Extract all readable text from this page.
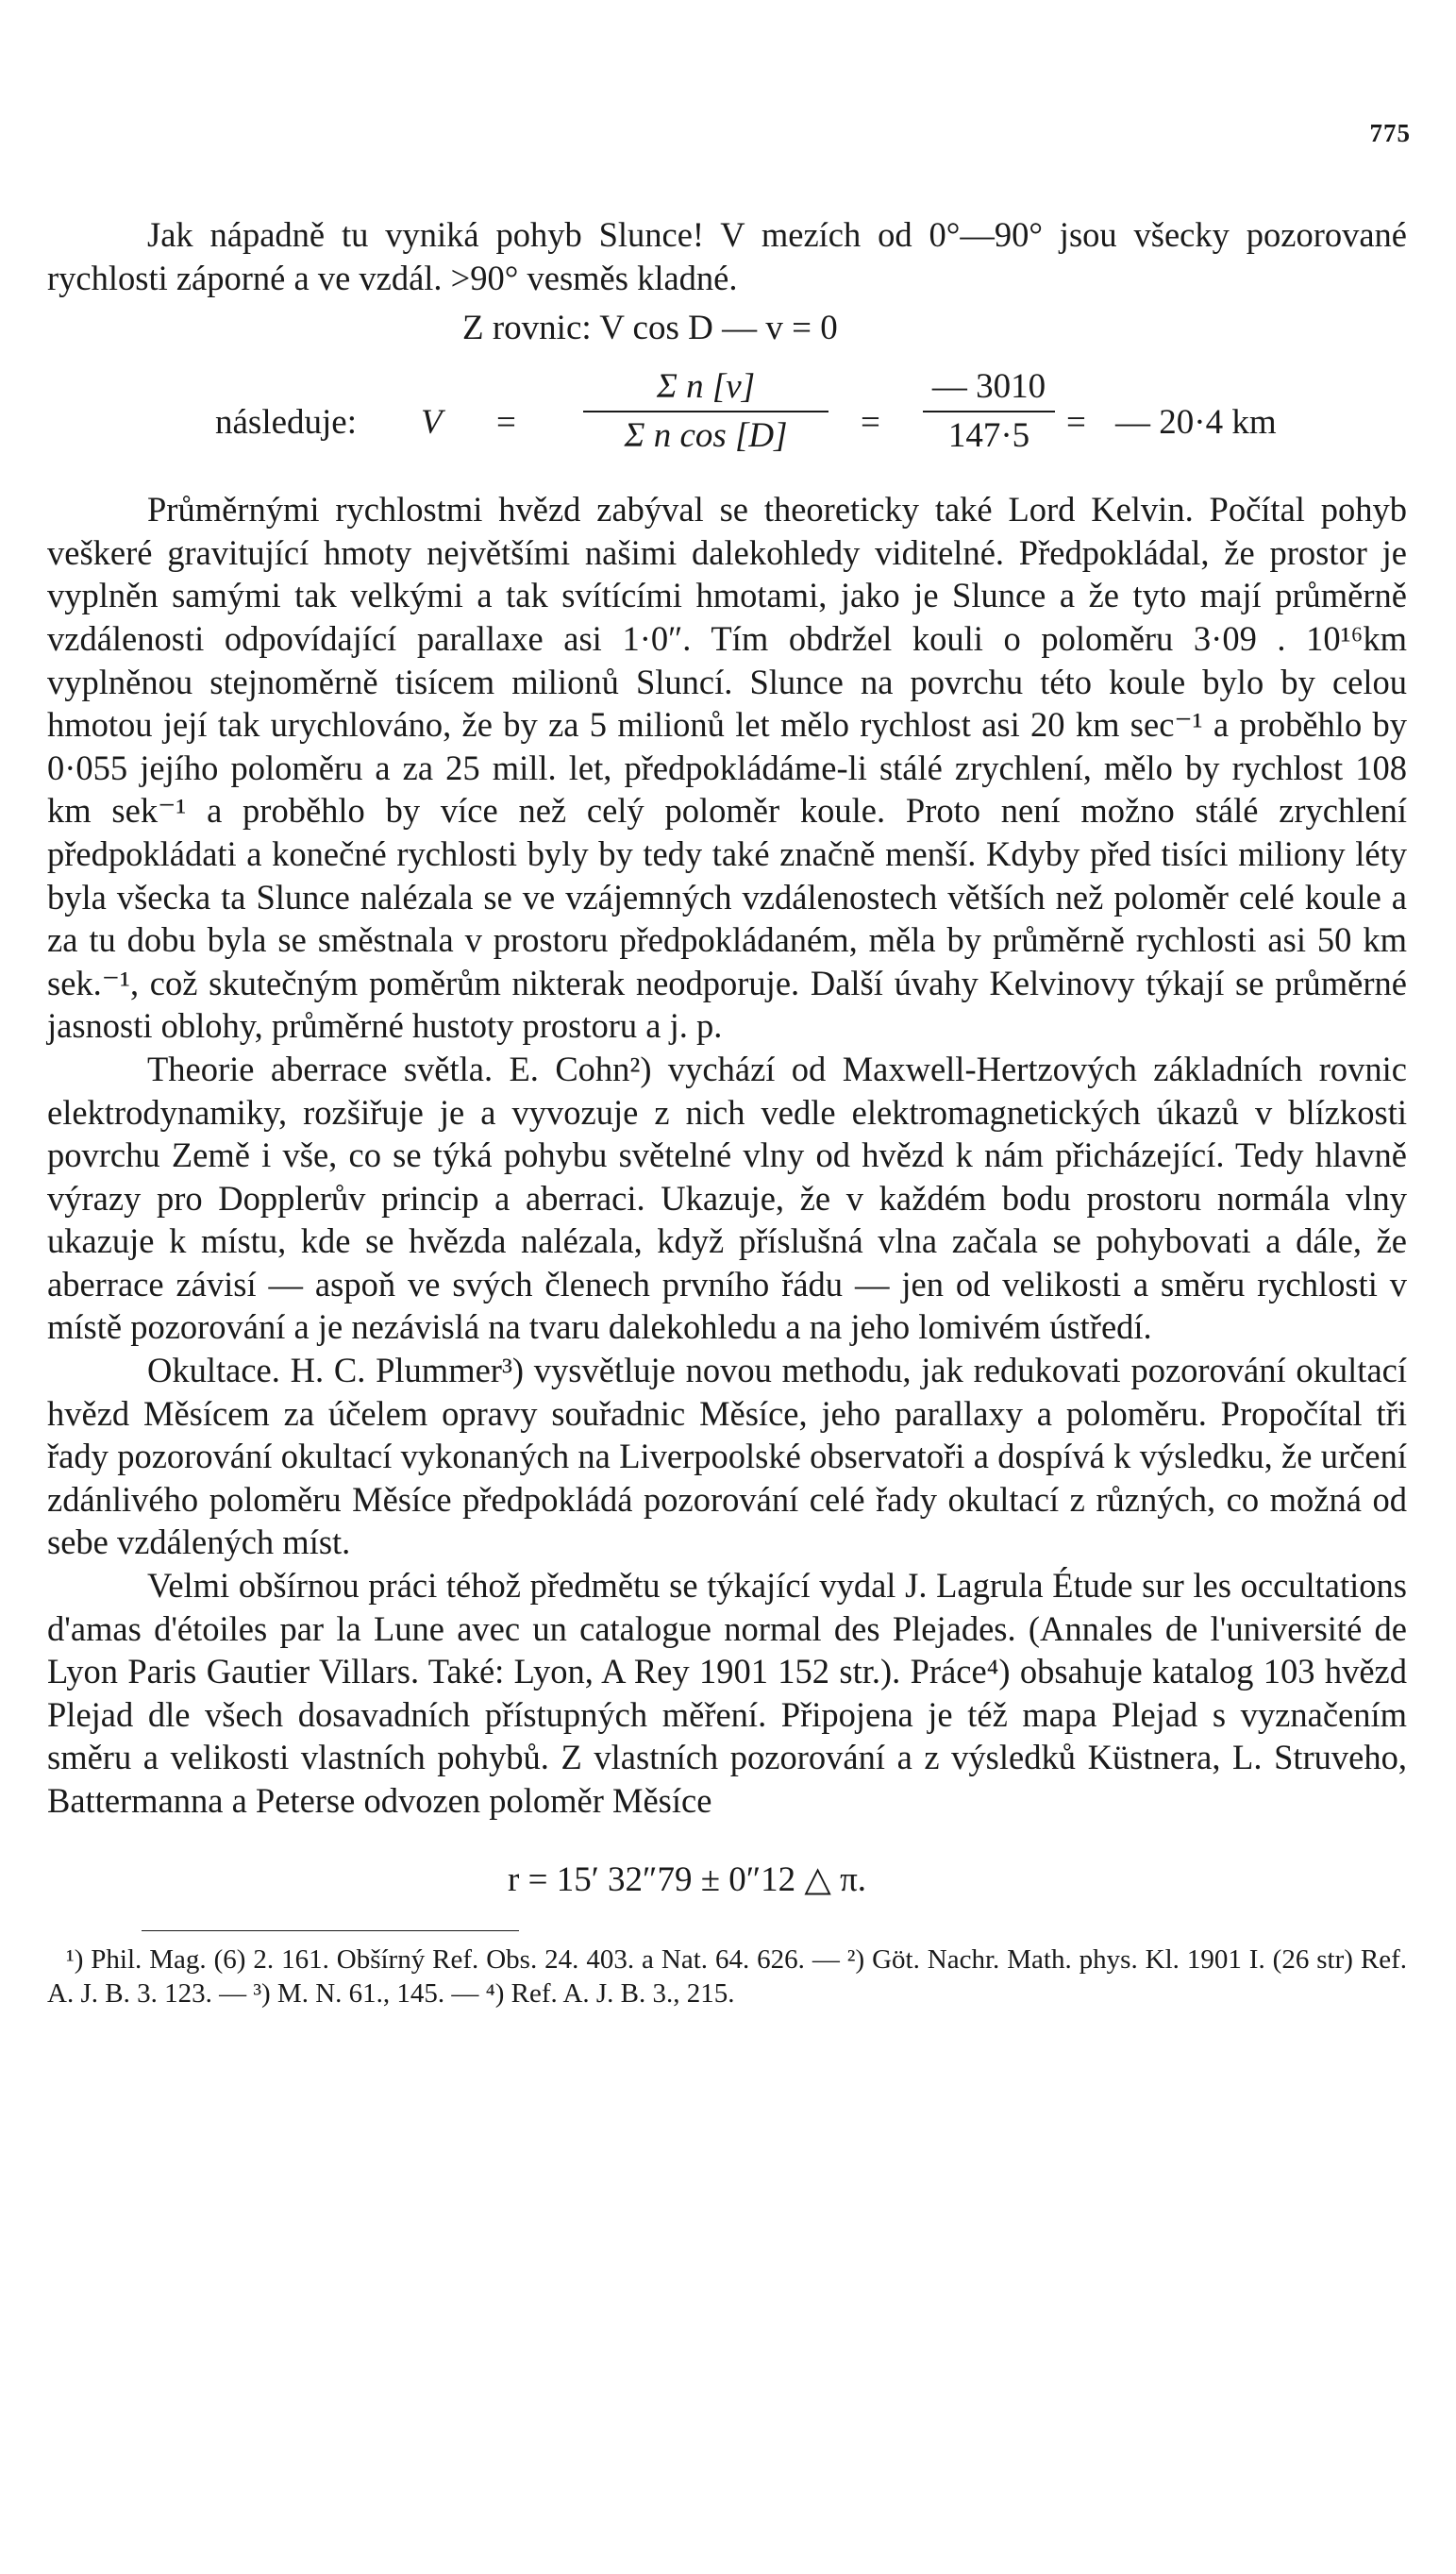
775

Jak nápadně tu vyniká pohyb Slunce! V mezích od 0°—90° jsou všecky pozorované rychlosti záporné a ve vzdál. >90° vesměs kladné.

Z rovnic: V cos D — v = 0
následuje: V =
Σ n [v]
Σ n cos [D]	=
— 3010
147·5	= — 20·4 km

Průměrnými rychlostmi hvězd zabýval se theoreticky také Lord Kelvin. Počítal pohyb veškeré gravitující hmoty největšími našimi dalekohledy viditelné. Předpokládal, že prostor je vyplněn samými tak velkými a tak svítícími hmotami, jako je Slunce a že tyto mají průměrně vzdálenosti odpovídající parallaxe asi 1·0″. Tím obdržel kouli o poloměru 3·09 . 10¹⁶km vyplněnou stejnoměrně tisícem milionů Sluncí. Slunce na povrchu této koule bylo by celou hmotou její tak urychlováno, že by za 5 milionů let mělo rychlost asi 20 km sec⁻¹ a proběhlo by 0·055 jejího poloměru a za 25 mill. let, předpokládáme-li stálé zrychlení, mělo by rychlost 108 km sek⁻¹ a proběhlo by více než celý poloměr koule. Proto není možno stálé zrychlení předpokládati a konečné rychlosti byly by tedy také značně menší. Kdyby před tisíci miliony léty byla všecka ta Slunce nalézala se ve vzájemných vzdálenostech větších než poloměr celé koule a za tu dobu byla se směstnala v prostoru předpokládaném, měla by průměrně rychlosti asi 50 km sek.⁻¹, což skutečným poměrům nikterak neodporuje. Další úvahy Kelvinovy týkají se průměrné jasnosti oblohy, průměrné hustoty prostoru a j. p.

Theorie aberrace světla. E. Cohn²) vychází od Maxwell-Hertzových základních rovnic elektrodynamiky, rozšiřuje je a vyvozuje z nich vedle elektromagnetických úkazů v blízkosti povrchu Země i vše, co se týká pohybu světelné vlny od hvězd k nám přicházející. Tedy hlavně výrazy pro Dopplerův princip a aberraci. Ukazuje, že v každém bodu prostoru normála vlny ukazuje k místu, kde se hvězda nalézala, když příslušná vlna začala se pohybovati a dále, že aberrace závisí — aspoň ve svých členech prvního řádu — jen od velikosti a směru rychlosti v místě pozorování a je nezávislá na tvaru dalekohledu a na jeho lomivém ústředí.

Okultace. H. C. Plummer³) vysvětluje novou methodu, jak redukovati pozorování okultací hvězd Měsícem za účelem opravy souřadnic Měsíce, jeho parallaxy a poloměru. Propočítal tři řady pozorování okultací vykonaných na Liverpoolské observatoři a dospívá k výsledku, že určení zdánlivého poloměru Měsíce předpokládá pozorování celé řady okultací z různých, co možná od sebe vzdálených míst.

Velmi obšírnou práci téhož předmětu se týkající vydal J. Lagrula Étude sur les occultations d'amas d'étoiles par la Lune avec un catalogue normal des Plejades. (Annales de l'université de Lyon Paris Gautier Villars. Také: Lyon, A Rey 1901 152 str.). Práce⁴) obsahuje katalog 103 hvězd Plejad dle všech dosavadních přístupných měření. Připojena je též mapa Plejad s vyznačením směru a velikosti vlastních pohybů. Z vlastních pozorování a z výsledků Küstnera, L. Struveho, Battermanna a Peterse odvozen poloměr Měsíce

r = 15′ 32″79 ± 0″12 △ π.

¹) Phil. Mag. (6) 2. 161. Obšírný Ref. Obs. 24. 403. a Nat. 64. 626. — ²) Göt. Nachr. Math. phys. Kl. 1901 I. (26 str) Ref. A. J. B. 3. 123. — ³) M. N. 61., 145. — ⁴) Ref. A. J. B. 3., 215.
